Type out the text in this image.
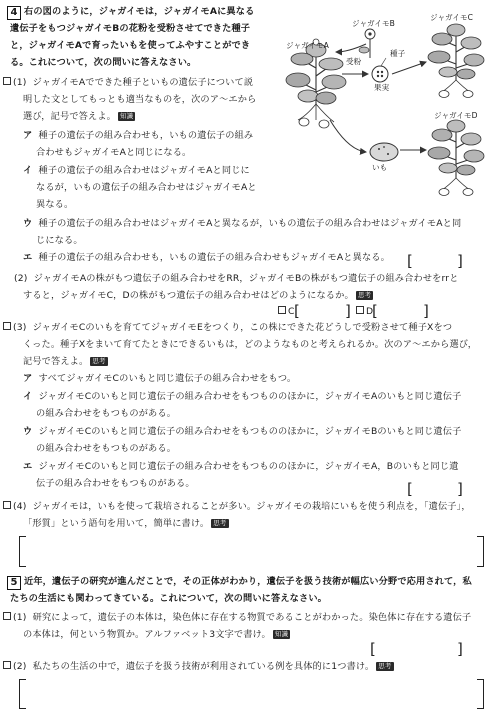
4 右の図のように，ジャガイモは，ジャガイモAに異なる
遺伝子をもつジャガイモBの花粉を受粉させてできた種子
と，ジャガイモAで育ったいもを使ってふやすことができ
る。これについて，次の問いに答えなさい。
(1) ジャガイモAでできた種子といもの遺伝子について説
明した文としてもっとも適当なものを，次のア～エから
選び，記号で答えよ。 知識
ア 種子の遺伝子の組み合わせも，いもの遺伝子の組み
合わせもジャガイモAと同じになる。
イ 種子の遺伝子の組み合わせはジャガイモAと同じに
なるが，いもの遺伝子の組み合わせはジャガイモAと
異なる。
ウ 種子の遺伝子の組み合わせはジャガイモAと異なるが，いもの遺伝子の組み合わせはジャガイモAと同
じになる。
エ 種子の遺伝子の組み合わせも，いもの遺伝子の組み合わせもジャガイモAと異なる。 [	]
(2) ジャガイモAの株がもつ遺伝子の組み合わせをRR，ジャガイモBの株がもつ遺伝子の組み合わせをrrと
すると，ジャガイモC，Dの株がもつ遺伝子の組み合わせはどのようになるか。 思考
C [	]	D
[	]
(3) ジャガイモCのいもを育ててジャガイモEをつくり，この株にできた花どうしで受粉させて種子Xをつ
くった。種子Xをまいて育てたときにできるいもは，どのようなものと考えられるか。次のア～エから選び，
記号で答えよ。 思考
ア すべてジャガイモCのいもと同じ遺伝子の組み合わせをもつ。
イ ジャガイモCのいもと同じ遺伝子の組み合わせをもつもののほかに，ジャガイモAのいもと同じ遺伝子
の組み合わせをもつものがある。
ウ ジャガイモCのいもと同じ遺伝子の組み合わせをもつもののほかに，ジャガイモBのいもと同じ遺伝子
の組み合わせをもつものがある。
エ ジャガイモCのいもと同じ遺伝子の組み合わせをもつもののほかに，ジャガイモA，Bのいもと同じ遺
伝子の組み合わせをもつものがある。	[	]
(4) ジャガイモは，いもを使って栽培されることが多い。ジャガイモの栽培にいもを使う利点を，「遺伝子」，
「形質」という語句を用いて，簡単に書け。 思考
5 近年，遺伝子の研究が進んだことで，その正体がわかり，遺伝子を扱う技術が幅広い分野で応用されて，私
たちの生活にも関わってきている。これについて，次の問いに答えなさい。
(1) 研究によって，遺伝子の本体は，染色体に存在する物質であることがわかった。染色体に存在する遺伝子
の本体は，何という物質か。アルファベット3文字で書け。 知識
[	]
(2) 私たちの生活の中で，遺伝子を扱う技術が利用されている例を具体的に1つ書け。 思考
ジャガイモA
ジャガイモB
ジャガイモC
ジャガイモD
受粉
種子
果実
いも
